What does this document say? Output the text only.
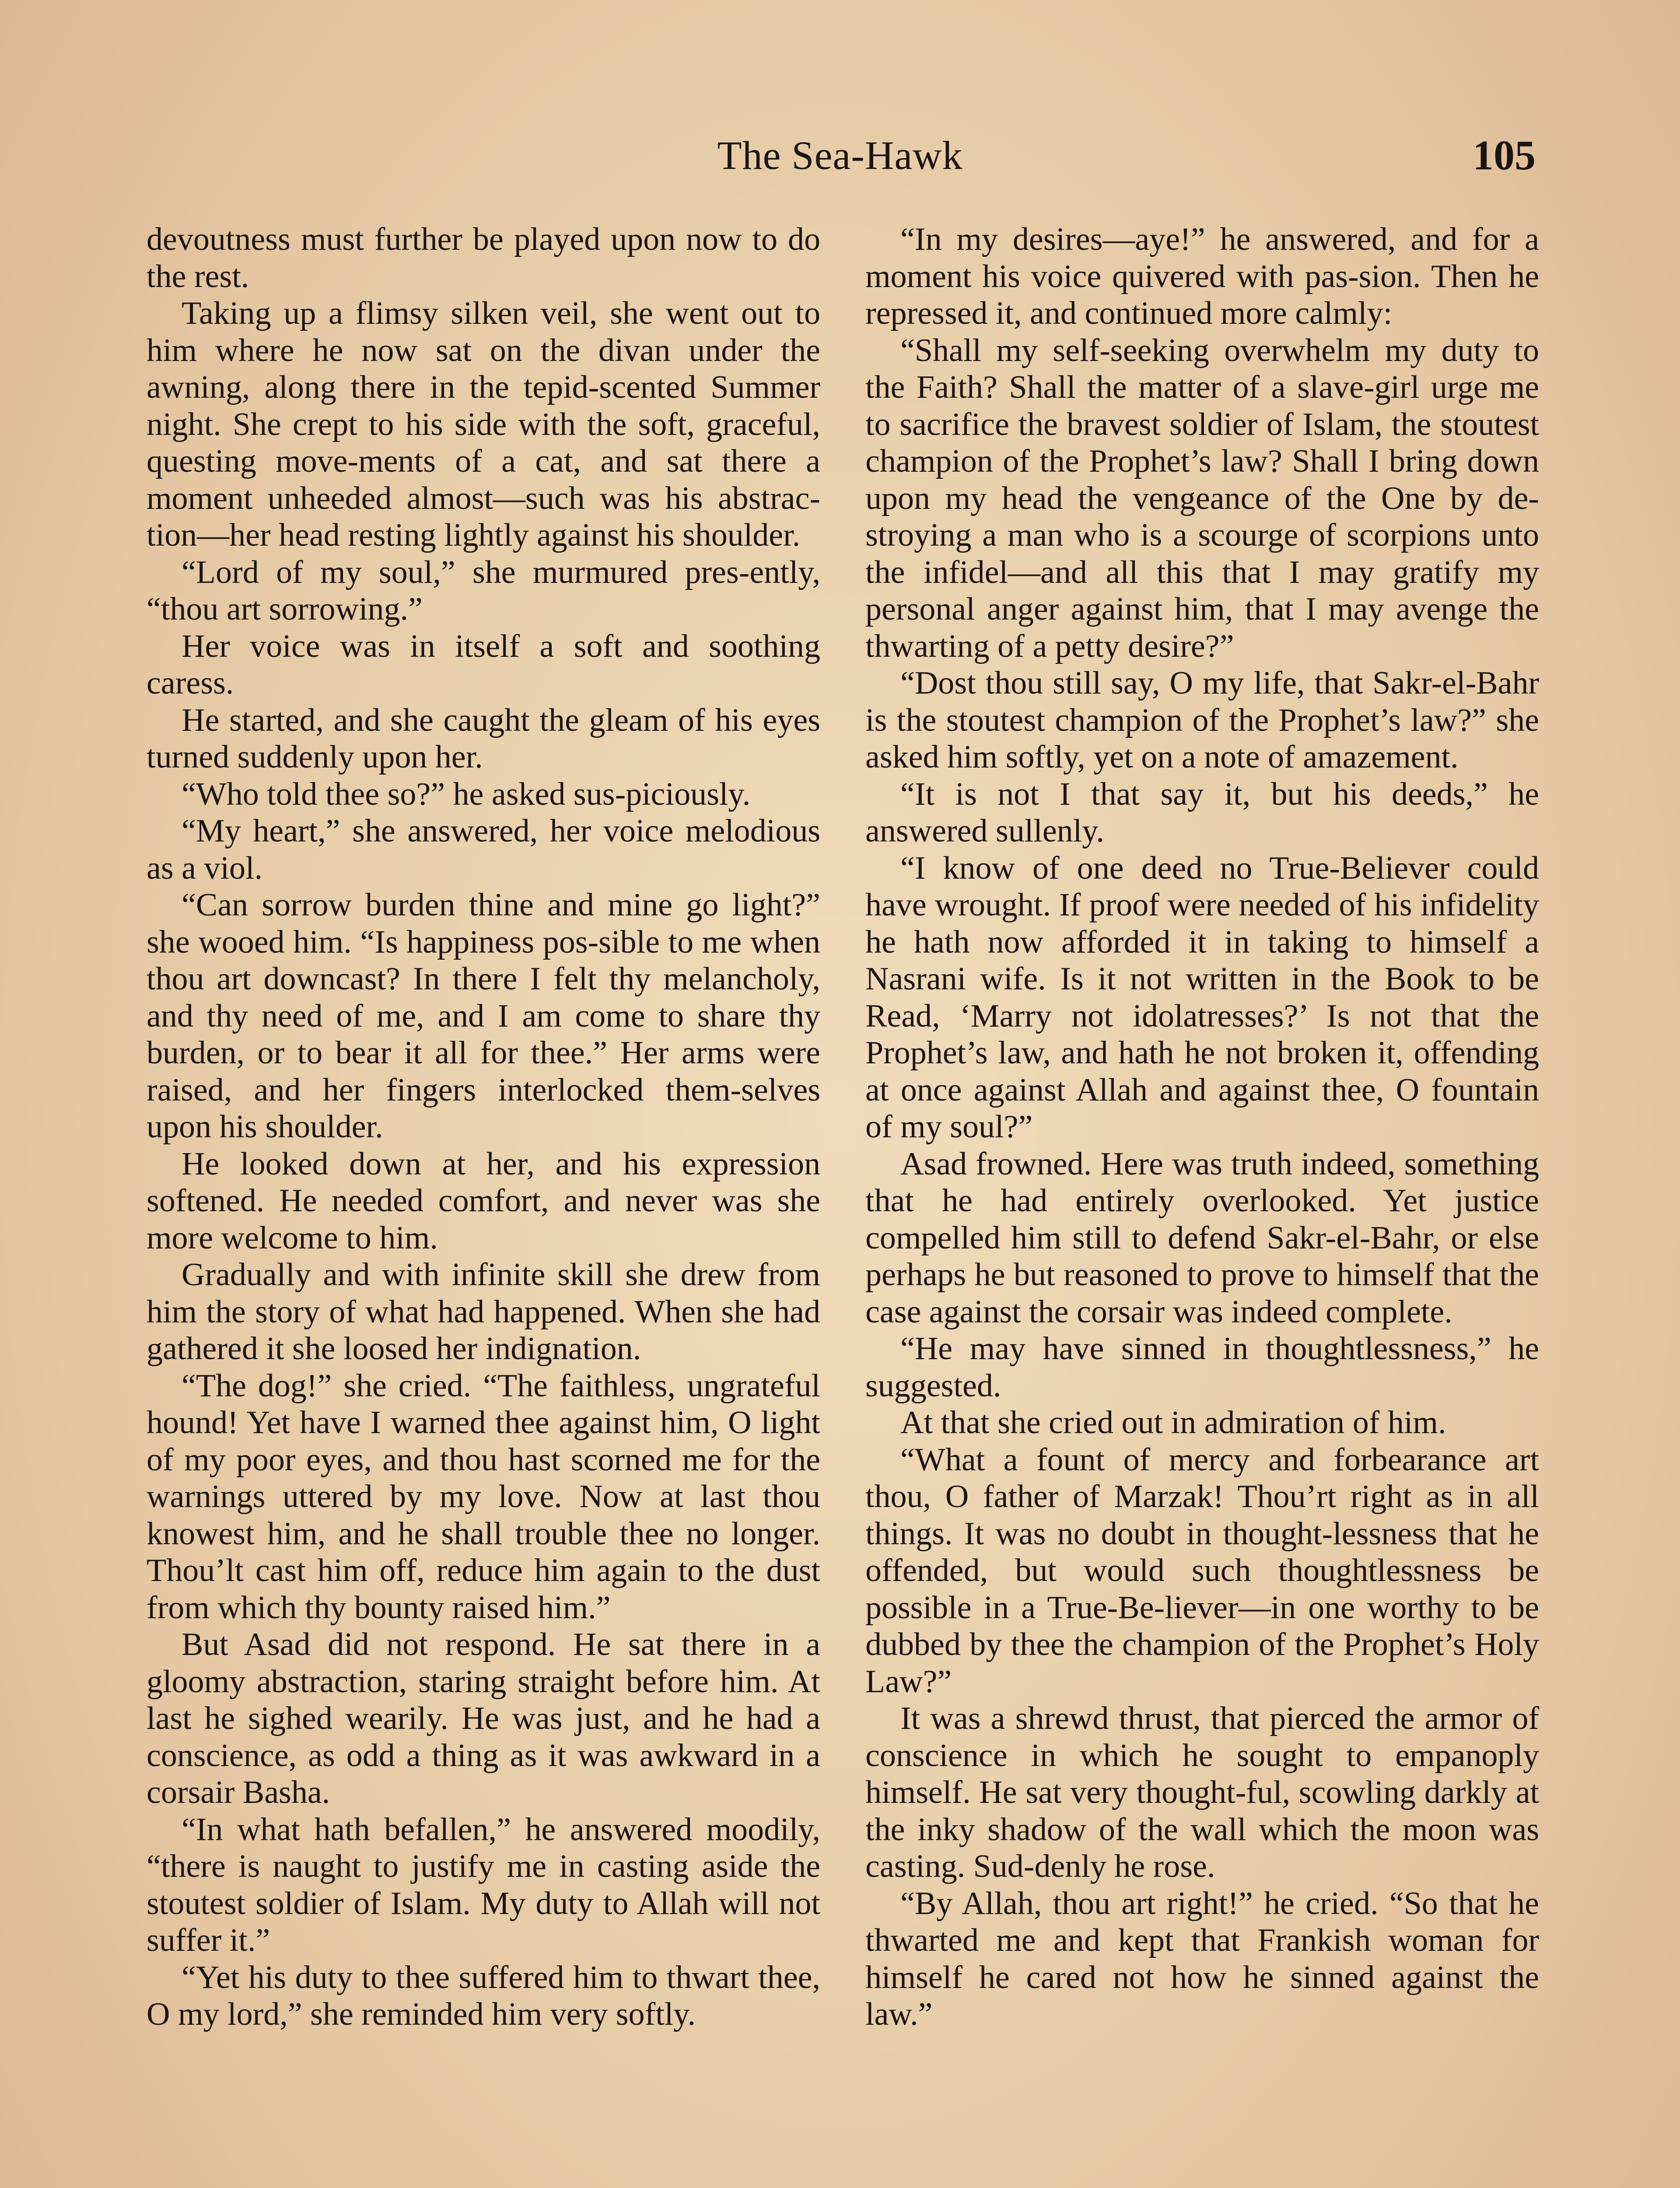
The Sea-Hawk	105

devoutness must further be played upon now to do the rest.

Taking up a flimsy silken veil, she went out to him where he now sat on the divan under the awning, along there in the tepid-scented Summer night. She crept to his side with the soft, graceful, questing move-ments of a cat, and sat there a moment unheeded almost—such was his abstrac-tion—her head resting lightly against his shoulder.

“Lord of my soul,” she murmured pres-ently, “thou art sorrowing.”

Her voice was in itself a soft and soothing caress.

He started, and she caught the gleam of his eyes turned suddenly upon her.

“Who told thee so?” he asked sus-piciously.

“My heart,” she answered, her voice melodious as a viol.

“Can sorrow burden thine and mine go light?” she wooed him. “Is happiness pos-sible to me when thou art downcast? In there I felt thy melancholy, and thy need of me, and I am come to share thy burden, or to bear it all for thee.” Her arms were raised, and her fingers interlocked them-selves upon his shoulder.

He looked down at her, and his expression softened. He needed comfort, and never was she more welcome to him.

Gradually and with infinite skill she drew from him the story of what had happened. When she had gathered it she loosed her indignation.

“The dog!” she cried. “The faithless, ungrateful hound! Yet have I warned thee against him, O light of my poor eyes, and thou hast scorned me for the warnings uttered by my love. Now at last thou knowest him, and he shall trouble thee no longer. Thou’lt cast him off, reduce him again to the dust from which thy bounty raised him.”

But Asad did not respond. He sat there in a gloomy abstraction, staring straight before him. At last he sighed wearily. He was just, and he had a conscience, as odd a thing as it was awkward in a corsair Basha.

“In what hath befallen,” he answered moodily, “there is naught to justify me in casting aside the stoutest soldier of Islam. My duty to Allah will not suffer it.”

“Yet his duty to thee suffered him to thwart thee, O my lord,” she reminded him very softly.

“In my desires—aye!” he answered, and for a moment his voice quivered with pas-sion. Then he repressed it, and continued more calmly:

“Shall my self-seeking overwhelm my duty to the Faith? Shall the matter of a slave-girl urge me to sacrifice the bravest soldier of Islam, the stoutest champion of the Prophet’s law? Shall I bring down upon my head the vengeance of the One by de-stroying a man who is a scourge of scorpions unto the infidel—and all this that I may gratify my personal anger against him, that I may avenge the thwarting of a petty desire?”

“Dost thou still say, O my life, that Sakr-el-Bahr is the stoutest champion of the Prophet’s law?” she asked him softly, yet on a note of amazement.

“It is not I that say it, but his deeds,” he answered sullenly.

“I know of one deed no True-Believer could have wrought. If proof were needed of his infidelity he hath now afforded it in taking to himself a Nasrani wife. Is it not written in the Book to be Read, ‘Marry not idolatresses?’ Is not that the Prophet’s law, and hath he not broken it, offending at once against Allah and against thee, O fountain of my soul?”

Asad frowned. Here was truth indeed, something that he had entirely overlooked. Yet justice compelled him still to defend Sakr-el-Bahr, or else perhaps he but reasoned to prove to himself that the case against the corsair was indeed complete.

“He may have sinned in thoughtlessness,” he suggested.

At that she cried out in admiration of him.

“What a fount of mercy and forbearance art thou, O father of Marzak! Thou’rt right as in all things. It was no doubt in thought-lessness that he offended, but would such thoughtlessness be possible in a True-Be-liever—in one worthy to be dubbed by thee the champion of the Prophet’s Holy Law?”

It was a shrewd thrust, that pierced the armor of conscience in which he sought to empanoply himself. He sat very thought-ful, scowling darkly at the inky shadow of the wall which the moon was casting. Sud-denly he rose.

“By Allah, thou art right!” he cried. “So that he thwarted me and kept that Frankish woman for himself he cared not how he sinned against the law.”
